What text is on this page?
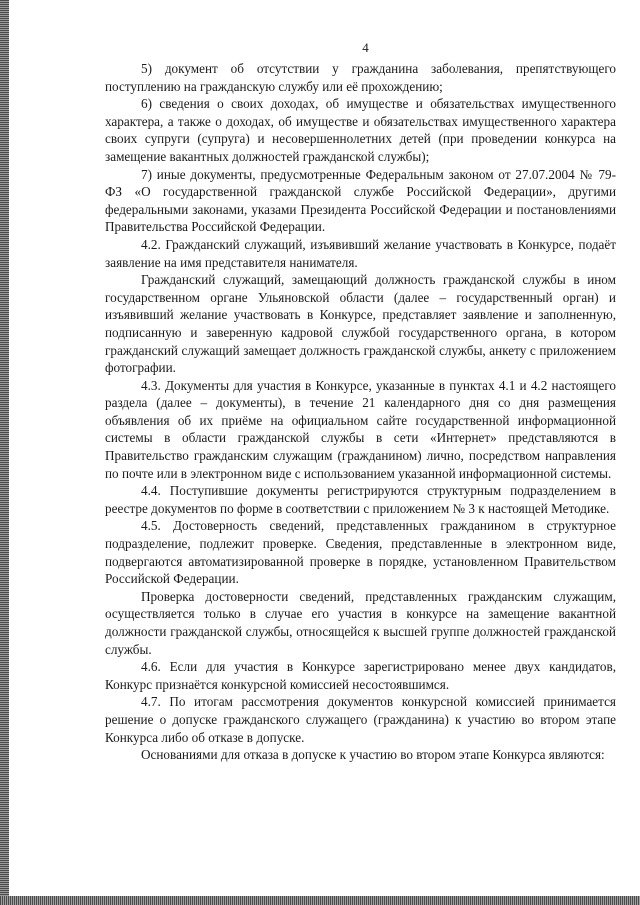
4

5) документ об отсутствии у гражданина заболевания, препятствующего поступлению на гражданскую службу или её прохождению;

6) сведения о своих доходах, об имуществе и обязательствах имущественного характера, а также о доходах, об имуществе и обязательствах имущественного характера своих супруги (супруга) и несовершеннолетних детей (при проведении конкурса на замещение вакантных должностей гражданской службы);

7) иные документы, предусмотренные Федеральным законом от 27.07.2004 № 79-ФЗ «О государственной гражданской службе Российской Федерации», другими федеральными законами, указами Президента Российской Федерации и постановлениями Правительства Российской Федерации.

4.2. Гражданский служащий, изъявивший желание участвовать в Конкурсе, подаёт заявление на имя представителя нанимателя.

Гражданский служащий, замещающий должность гражданской службы в ином государственном органе Ульяновской области (далее – государственный орган) и изъявивший желание участвовать в Конкурсе, представляет заявление и заполненную, подписанную и заверенную кадровой службой государственного органа, в котором гражданский служащий замещает должность гражданской службы, анкету с приложением фотографии.

4.3. Документы для участия в Конкурсе, указанные в пунктах 4.1 и 4.2 настоящего раздела (далее – документы), в течение 21 календарного дня со дня размещения объявления об их приёме на официальном сайте государственной информационной системы в области гражданской службы в сети «Интернет» представляются в Правительство гражданским служащим (гражданином) лично, посредством направления по почте или в электронном виде с использованием указанной информационной системы.

4.4. Поступившие документы регистрируются структурным подразделением в реестре документов по форме в соответствии с приложением № 3 к настоящей Методике.

4.5. Достоверность сведений, представленных гражданином в структурное подразделение, подлежит проверке. Сведения, представленные в электронном виде, подвергаются автоматизированной проверке в порядке, установленном Правительством Российской Федерации.

Проверка достоверности сведений, представленных гражданским служащим, осуществляется только в случае его участия в конкурсе на замещение вакантной должности гражданской службы, относящейся к высшей группе должностей гражданской службы.

4.6. Если для участия в Конкурсе зарегистрировано менее двух кандидатов, Конкурс признаётся конкурсной комиссией несостоявшимся.

4.7. По итогам рассмотрения документов конкурсной комиссией принимается решение о допуске гражданского служащего (гражданина) к участию во втором этапе Конкурса либо об отказе в допуске.

Основаниями для отказа в допуске к участию во втором этапе Конкурса являются:
